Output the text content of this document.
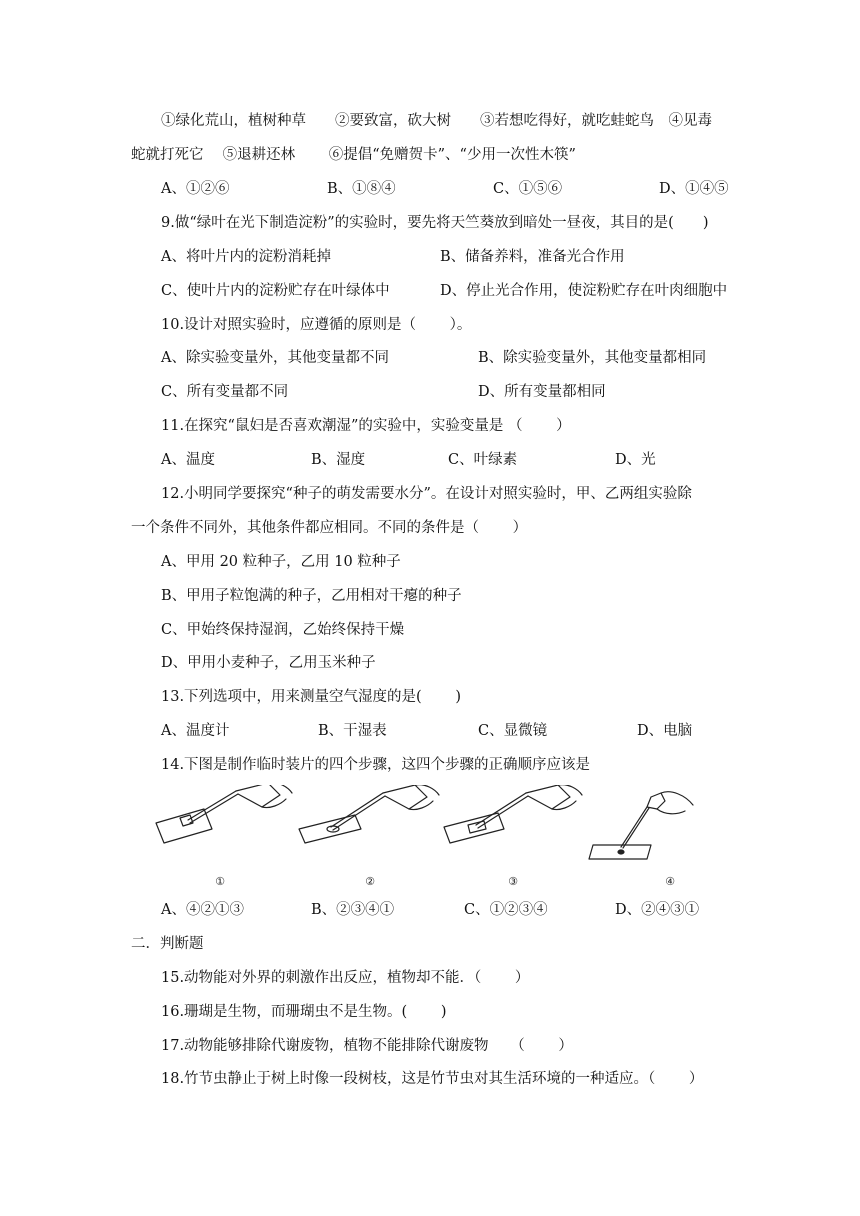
①绿化荒山，植树种草　　②要致富，砍大树　　③若想吃得好，就吃蛙蛇鸟　④见毒
蛇就打死它　 ⑤退耕还林　　 ⑥提倡“免赠贺卡”、“少用一次性木筷”
A、①②⑥	B、①⑧④	C、①⑤⑥	D、①④⑤
9.做“绿叶在光下制造淀粉”的实验时，要先将天竺葵放到暗处一昼夜，其目的是(　　)
A、将叶片内的淀粉消耗掉	B、储备养料，准备光合作用
C、使叶片内的淀粉贮存在叶绿体中	D、停止光合作用，使淀粉贮存在叶肉细胞中
10.设计对照实验时，应遵循的原则是（　　 ）。
A、除实验变量外，其他变量都不同	B、除实验变量外，其他变量都相同
C、所有变量都不同	D、所有变量都相同
11.在探究“鼠妇是否喜欢潮湿”的实验中，实验变量是 （　　 ）
A、温度	B、湿度	C、叶绿素	D、光
12.小明同学要探究“种子的萌发需要水分”。在设计对照实验时，甲、乙两组实验除
一个条件不同外，其他条件都应相同。不同的条件是（　　 ）
A、甲用 20 粒种子，乙用 10 粒种子
B、甲用子粒饱满的种子，乙用相对干瘪的种子
C、甲始终保持湿润，乙始终保持干燥
D、甲用小麦种子，乙用玉米种子
13.下列选项中，用来测量空气湿度的是(　　 )
A、温度计	B、干湿表	C、显微镜	D、电脑
14.下图是制作临时装片的四个步骤，这四个步骤的正确顺序应该是
①	②	③	④
A、④②①③	B、②③④①	C、①②③④	D、②④③①
二．判断题
15.动物能对外界的刺激作出反应，植物却不能．（　　 ）
16.珊瑚是生物，而珊瑚虫不是生物。(　　 )
17.动物能够排除代谢废物，植物不能排除代谢废物　　（　　 ）
18.竹节虫静止于树上时像一段树枝，这是竹节虫对其生活环境的一种适应。（　　 ）
